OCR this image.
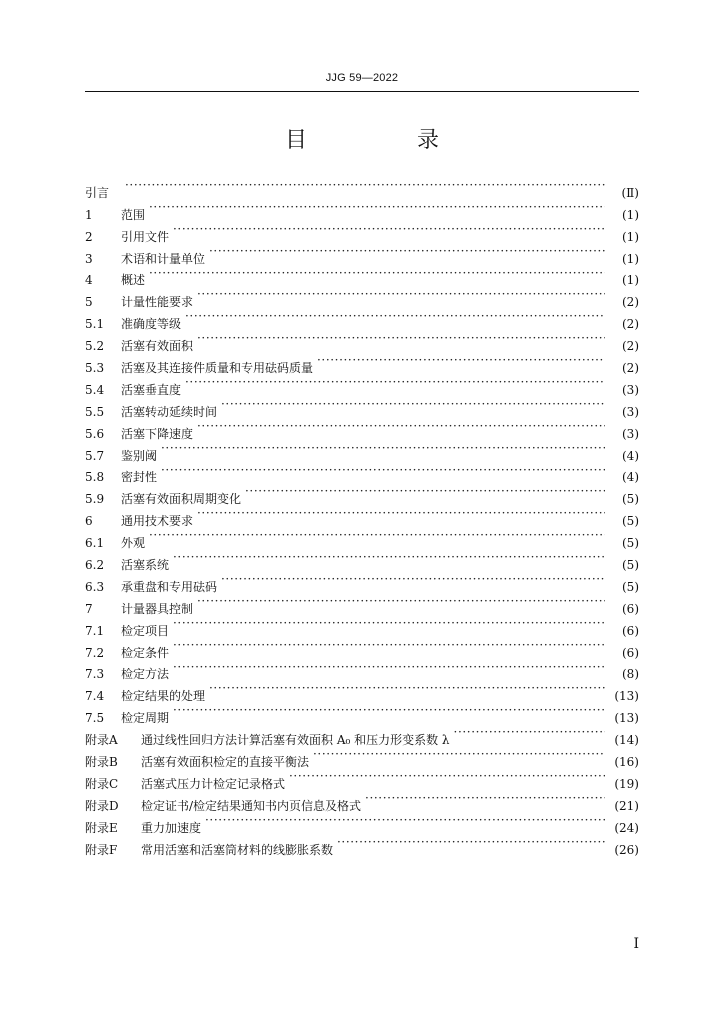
JJG 59—2022
目　录
引言 ·····	(Ⅱ)
1	范围 ·····	(1)
2	引用文件 ·····	(1)
3	术语和计量单位 ·····	(1)
4	概述 ·····	(1)
5	计量性能要求 ·····	(2)
5.1	准确度等级 ·····	(2)
5.2	活塞有效面积 ·····	(2)
5.3	活塞及其连接件质量和专用砝码质量 ·····	(2)
5.4	活塞垂直度 ·····	(3)
5.5	活塞转动延续时间 ·····	(3)
5.6	活塞下降速度 ·····	(3)
5.7	鉴别阈 ·····	(4)
5.8	密封性 ·····	(4)
5.9	活塞有效面积周期变化 ·····	(5)
6	通用技术要求 ·····	(5)
6.1	外观 ·····	(5)
6.2	活塞系统 ·····	(5)
6.3	承重盘和专用砝码 ·····	(5)
7	计量器具控制 ·····	(6)
7.1	检定项目 ·····	(6)
7.2	检定条件 ·····	(6)
7.3	检定方法 ·····	(8)
7.4	检定结果的处理 ·····	(13)
7.5	检定周期 ·····	(13)
附录A	通过线性回归方法计算活塞有效面积 A₀ 和压力形变系数 λ ·····	(14)
附录B	活塞有效面积检定的直接平衡法 ·····	(16)
附录C	活塞式压力计检定记录格式 ·····	(19)
附录D	检定证书/检定结果通知书内页信息及格式 ·····	(21)
附录E	重力加速度 ·····	(24)
附录F	常用活塞和活塞筒材料的线膨胀系数 ·····	(26)
I
